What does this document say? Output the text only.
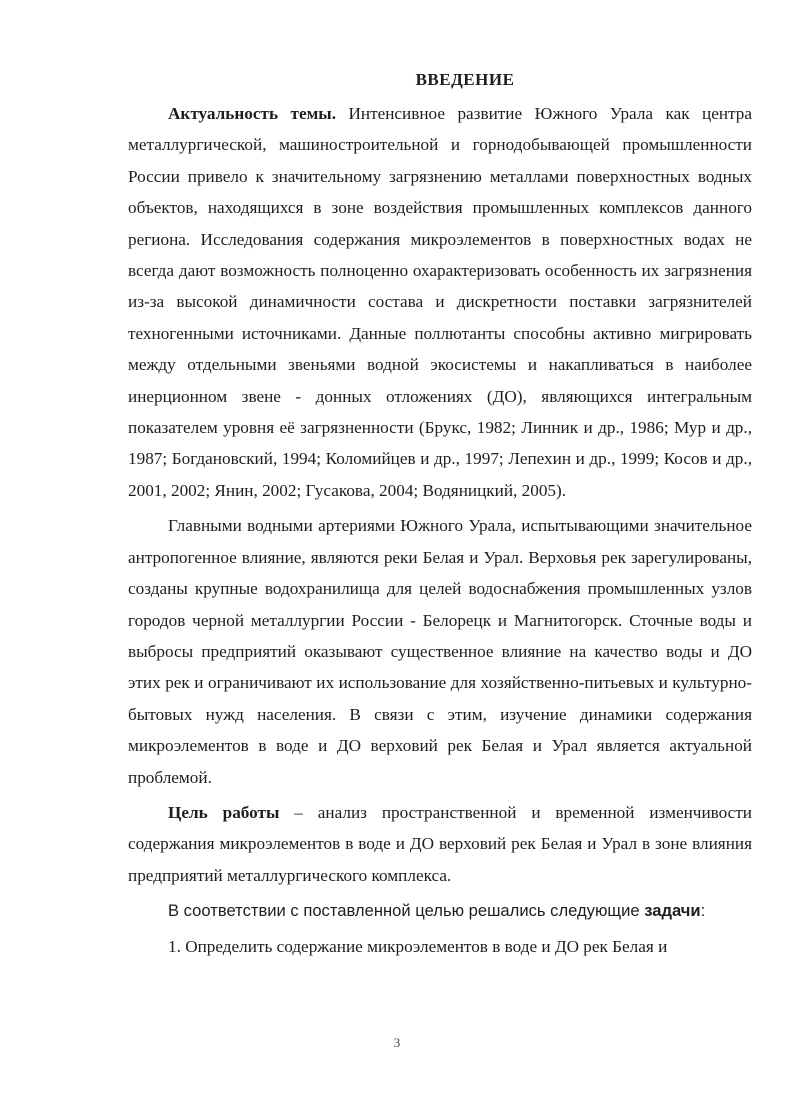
ВВЕДЕНИЕ

Актуальность темы. Интенсивное развитие Южного Урала как центра металлургической, машиностроительной и горнодобывающей промышленности России привело к значительному загрязнению металлами поверхностных водных объектов, находящихся в зоне воздействия промышленных комплексов данного региона. Исследования содержания микроэлементов в поверхностных водах не всегда дают возможность полноценно охарактеризовать особенность их загрязнения из-за высокой динамичности состава и дискретности поставки загрязнителей техногенными источниками. Данные поллютанты способны активно мигрировать между отдельными звеньями водной экосистемы и накапливаться в наиболее инерционном звене - донных отложениях (ДО), являющихся интегральным показателем уровня её загрязненности (Брукс, 1982; Линник и др., 1986; Мур и др., 1987; Богдановский, 1994; Коломийцев и др., 1997; Лепехин и др., 1999; Косов и др., 2001, 2002; Янин, 2002; Гусакова, 2004; Водяницкий, 2005).

Главными водными артериями Южного Урала, испытывающими значительное антропогенное влияние, являются реки Белая и Урал. Верховья рек зарегулированы, созданы крупные водохранилища для целей водоснабжения промышленных узлов городов черной металлургии России - Белорецк и Магнитогорск. Сточные воды и выбросы предприятий оказывают существенное влияние на качество воды и ДО этих рек и ограничивают их использование для хозяйственно-питьевых и культурно-бытовых нужд населения. В связи с этим, изучение динамики содержания микроэлементов в воде и ДО верховий рек Белая и Урал является актуальной проблемой.

Цель работы – анализ пространственной и временной изменчивости содержания микроэлементов в воде и ДО верховий рек Белая и Урал в зоне влияния предприятий металлургического комплекса.

В соответствии с поставленной целью решались следующие задачи:

1. Определить содержание микроэлементов в воде и ДО рек Белая и

3
